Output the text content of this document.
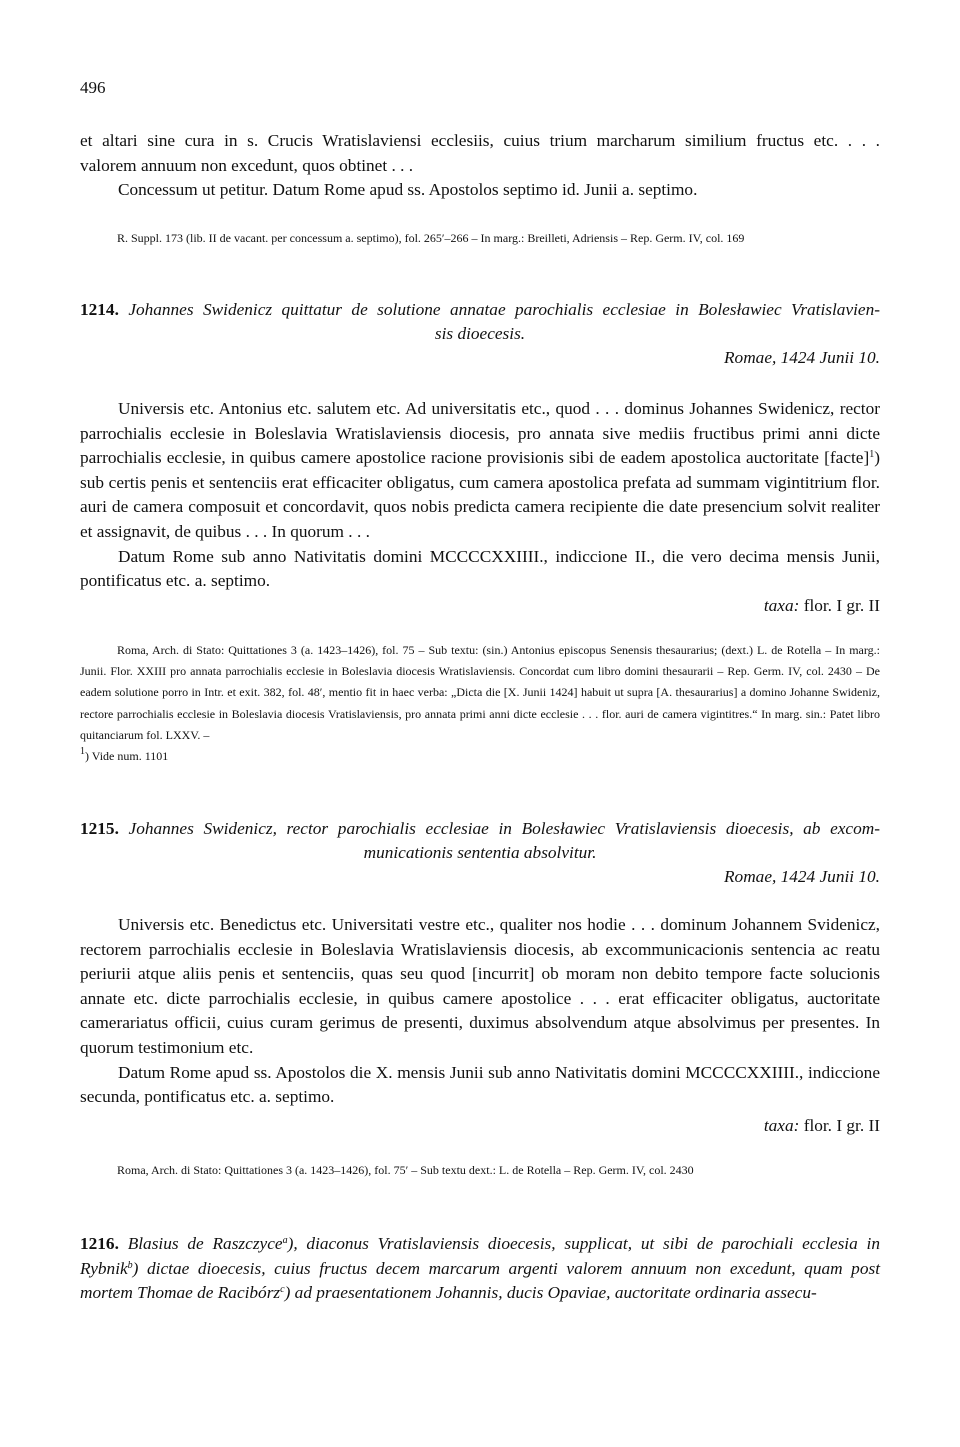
496

et altari sine cura in s. Crucis Wratislaviensi ecclesiis, cuius trium marcharum similium fructus etc. . . .

valorem annuum non excedunt, quos obtinet . . .

Concessum ut petitur. Datum Rome apud ss. Apostolos septimo id. Junii a. septimo.

R. Suppl. 173 (lib. II de vacant. per concessum a. septimo), fol. 265′–266 – In marg.: Breilleti, Adriensis – Rep. Germ. IV, col. 169

1214. Johannes Swidenicz quittatur de solutione annatae parochialis ecclesiae in Bolesławiec Vratislavien-
sis dioecesis.
Romae, 1424 Junii 10.

Universis etc. Antonius etc. salutem etc. Ad universitatis etc., quod . . . dominus Johannes Swidenicz, rector parrochialis ecclesie in Boleslavia Wratislaviensis diocesis, pro annata sive mediis fructibus primi anni dicte parrochialis ecclesie, in quibus camere apostolice racione provisionis sibi de eadem apostolica auctoritate [facte]$^1$) sub certis penis et sentenciis erat efficaciter obligatus, cum camera apostolica prefata ad summam vigintitrium flor. auri de camera composuit et concordavit, quos nobis predicta camera recipiente die date presencium solvit realiter et assignavit, de quibus . . . In quorum . . .

Datum Rome sub anno Nativitatis domini MCCCCXXIIII., indiccione II., die vero decima mensis Junii, pontificatus etc. a. septimo.

taxa: flor. I gr. II

Roma, Arch. di Stato: Quittationes 3 (a. 1423–1426), fol. 75 – Sub textu: (sin.) Antonius episcopus Senensis thesaurarius; (dext.) L. de Rotella – In marg.: Junii. Flor. XXIII pro annata parrochialis ecclesie in Boleslavia diocesis Wratislaviensis. Concordat cum libro domini thesaurarii – Rep. Germ. IV, col. 2430 – De eadem solutione porro in Intr. et exit. 382, fol. 48′, mentio fit in haec verba: „Dicta die [X. Junii 1424] habuit ut supra [A. thesaurarius] a domino Johanne Swideniz, rectore parrochialis ecclesie in Boleslavia diocesis Vratislaviensis, pro annata primi anni dicte ecclesie . . . flor. auri de camera vigintitres.“ In marg. sin.: Patet libro quitanciarum fol. LXXV. –
$^1$) Vide num. 1101

1215. Johannes Swidenicz, rector parochialis ecclesiae in Bolesławiec Vratislaviensis dioecesis, ab excom-
municationis sententia absolvitur.
Romae, 1424 Junii 10.

Universis etc. Benedictus etc. Universitati vestre etc., qualiter nos hodie . . . dominum Johannem Svidenicz, rectorem parrochialis ecclesie in Boleslavia Wratislaviensis diocesis, ab excommunicacionis sentencia ac reatu periurii atque aliis penis et sentenciis, quas seu quod [incurrit] ob moram non debito tempore facte solucionis annate etc. dicte parrochialis ecclesie, in quibus camere apostolice . . . erat efficaciter obligatus, auctoritate camerariatus officii, cuius curam gerimus de presenti, duximus absolvendum atque absolvimus per presentes. In quorum testimonium etc.

Datum Rome apud ss. Apostolos die X. mensis Junii sub anno Nativitatis domini MCCCCXXIIII., indiccione secunda, pontificatus etc. a. septimo.

taxa: flor. I gr. II

Roma, Arch. di Stato: Quittationes 3 (a. 1423–1426), fol. 75′ – Sub textu dext.: L. de Rotella – Rep. Germ. IV, col. 2430

1216. Blasius de Raszczyce$^a$), diaconus Vratislaviensis dioecesis, supplicat, ut sibi de parochiali ecclesia in Rybnik$^b$) dictae dioecesis, cuius fructus decem marcarum argenti valorem annuum non excedunt, quam post mortem Thomae de Racibórz$^c$) ad praesentationem Johannis, ducis Opaviae, auctoritate ordinaria assecu-
